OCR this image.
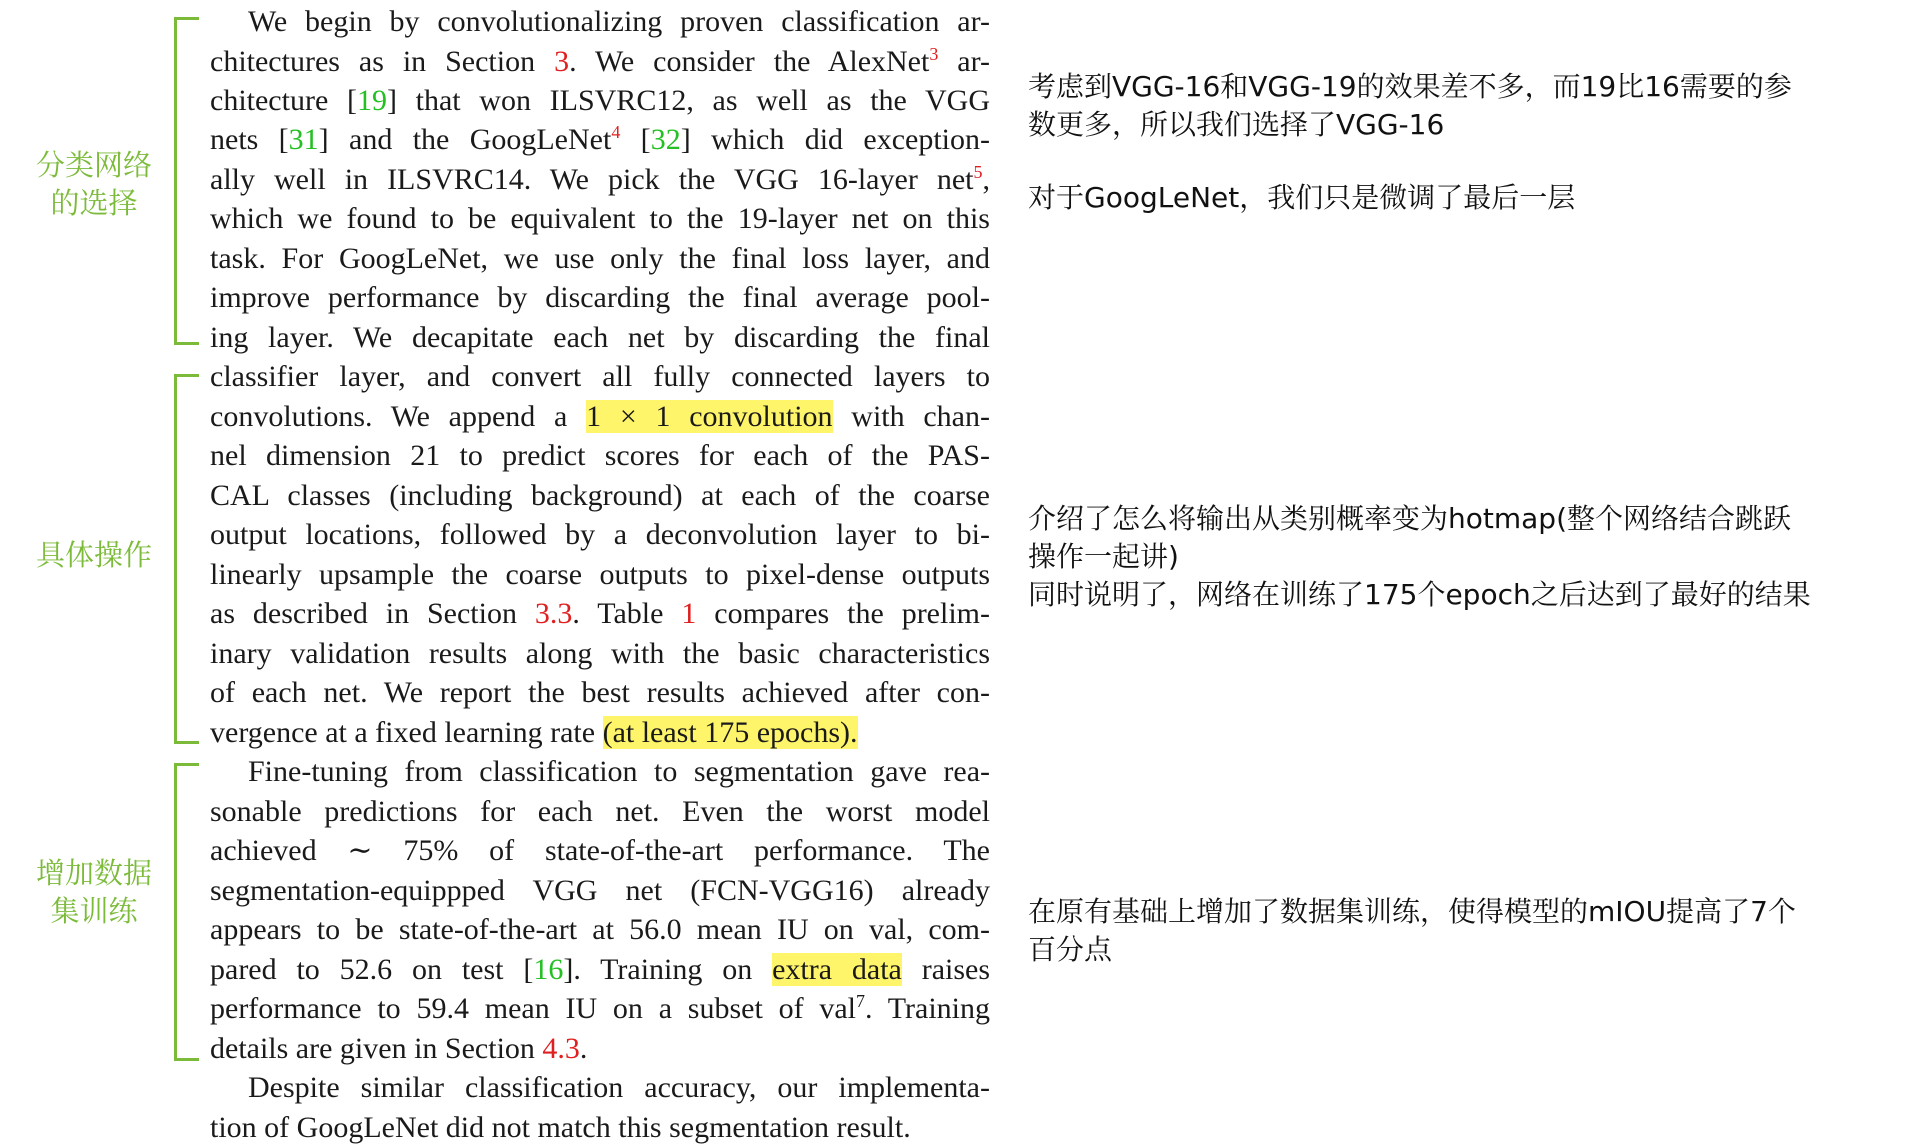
分类网络
的选择
具体操作
增加数据
集训练
We begin by convolutionalizing proven classification ar-
chitectures as in Section 3. We consider the AlexNet$^3$ ar-
chitecture [19] that won ILSVRC12, as well as the VGG
nets [31] and the GoogLeNet$^4$ [32] which did exception-
ally well in ILSVRC14. We pick the VGG 16-layer net$^5$,
which we found to be equivalent to the 19-layer net on this
task. For GoogLeNet, we use only the final loss layer, and
improve performance by discarding the final average pool-
ing layer. We decapitate each net by discarding the final
classifier layer, and convert all fully connected layers to
convolutions. We append a 1 × 1 convolution with chan-
nel dimension 21 to predict scores for each of the PAS-
CAL classes (including background) at each of the coarse
output locations, followed by a deconvolution layer to bi-
linearly upsample the coarse outputs to pixel-dense outputs
as described in Section 3.3. Table 1 compares the prelim-
inary validation results along with the basic characteristics
of each net. We report the best results achieved after con-
vergence at a fixed learning rate (at least 175 epochs).
Fine-tuning from classification to segmentation gave rea-
sonable predictions for each net. Even the worst model
achieved ∼ 75% of state-of-the-art performance. The
segmentation-equippped VGG net (FCN-VGG16) already
appears to be state-of-the-art at 56.0 mean IU on val, com-
pared to 52.6 on test [16]. Training on extra data raises
performance to 59.4 mean IU on a subset of val$^7$. Training
details are given in Section 4.3.
Despite similar classification accuracy, our implementa-
tion of GoogLeNet did not match this segmentation result.
考虑到VGG-16和VGG-19的效果差不多，而19比16需要的参
数更多，所以我们选择了VGG-16
对于GoogLeNet，我们只是微调了最后一层
介绍了怎么将输出从类别概率变为hotmap(整个网络结合跳跃
操作一起讲)
同时说明了，网络在训练了175个epoch之后达到了最好的结果
在原有基础上增加了数据集训练，使得模型的mIOU提高了7个
百分点
